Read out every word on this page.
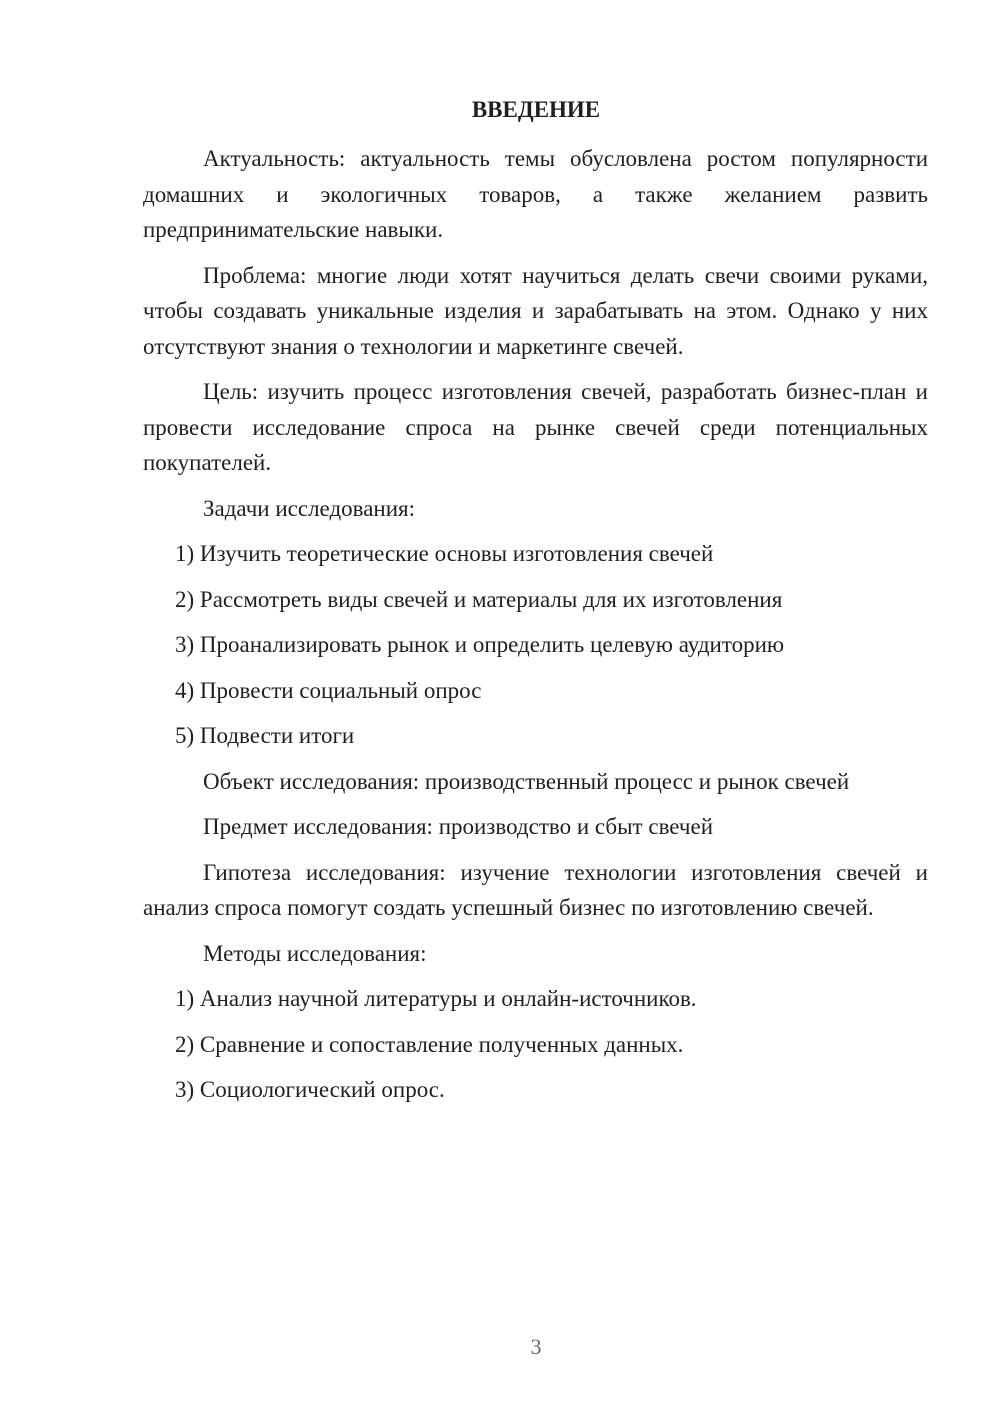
ВВЕДЕНИЕ

Актуальность: актуальность темы обусловлена ростом популярности домашних и экологичных товаров, а также желанием развить предпринимательские навыки.

Проблема: многие люди хотят научиться делать свечи своими руками, чтобы создавать уникальные изделия и зарабатывать на этом. Однако у них отсутствуют знания о технологии и маркетинге свечей.

Цель: изучить процесс изготовления свечей, разработать бизнес-план и провести исследование спроса на рынке свечей среди потенциальных покупателей.

Задачи исследования:

1) Изучить теоретические основы изготовления свечей
2) Рассмотреть виды свечей и материалы для их изготовления
3) Проанализировать рынок и определить целевую аудиторию
4) Провести социальный опрос
5) Подвести итоги

Объект исследования: производственный процесс и рынок свечей

Предмет исследования: производство и сбыт свечей

Гипотеза исследования: изучение технологии изготовления свечей и анализ спроса помогут создать успешный бизнес по изготовлению свечей.

Методы исследования:

1) Анализ научной литературы и онлайн-источников.
2) Сравнение и сопоставление полученных данных.
3) Социологический опрос.
3
